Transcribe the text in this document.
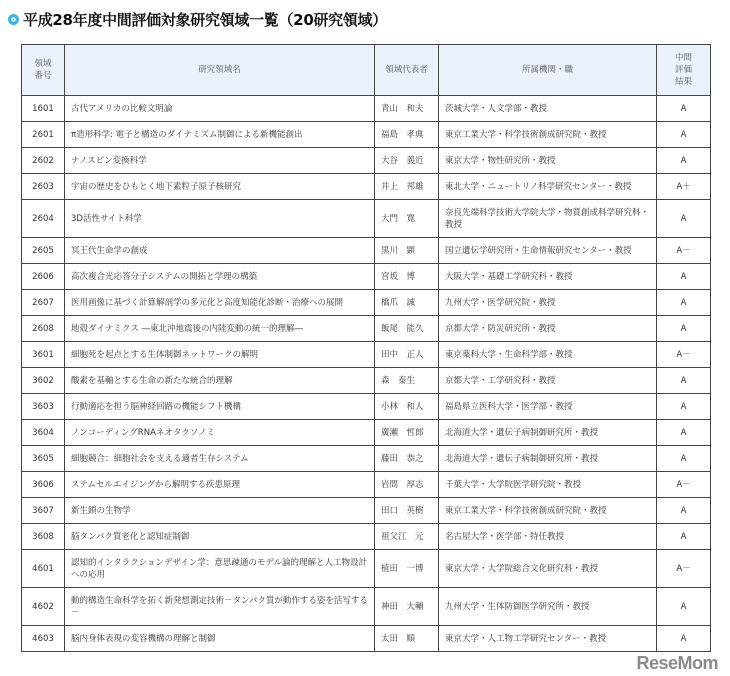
平成28年度中間評価対象研究領域一覧（20研究領域）
領域番号	研究領域名	領域代表者	所属機関・職	中間評価結果
1601	古代アメリカの比較文明論	青山　和夫	茨城大学・人文学部・教授	A
2601	π造形科学: 電子と構造のダイナミズム制御による新機能創出	福島　孝典	東京工業大学・科学技術創成研究院・教授	A
2602	ナノスピン変換科学	大谷　義近	東京大学・物性研究所・教授	A
2603	宇宙の歴史をひもとく地下素粒子原子核研究	井上　邦雄	東北大学・ニュートリノ科学研究センター・教授	A＋
2604	3D活性サイト科学	大門　寛	奈良先端科学技術大学院大学・物質創成科学研究科・教授	A
2605	冥王代生命学の創成	黒川　顕	国立遺伝学研究所・生命情報研究センター・教授	A－
2606	高次複合光応答分子システムの開拓と学理の構築	宮坂　博	大阪大学・基礎工学研究科・教授	A
2607	医用画像に基づく計算解剖学の多元化と高度知能化診断・治療への展開	橋爪　誠	九州大学・医学研究院・教授	A
2608	地殻ダイナミクス ―東北沖地震後の内陸変動の統一的理解―	飯尾　能久	京都大学・防災研究所・教授	A
3601	細胞死を起点とする生体制御ネットワークの解明	田中　正人	東京薬科大学・生命科学部・教授	A－
3602	酸素を基軸とする生命の新たな統合的理解	森　泰生	京都大学・工学研究科・教授	A
3603	行動適応を担う脳神経回路の機能シフト機構	小林　和人	福島県立医科大学・医学部・教授	A
3604	ノンコーディングRNAネオタクソノミ	廣瀬　哲郎	北海道大学・遺伝子病制御研究所・教授	A
3605	細胞競合：細胞社会を支える適者生存システム	藤田　恭之	北海道大学・遺伝子病制御研究所・教授	A
3606	ステムセルエイジングから解明する疾患原理	岩間　厚志	千葉大学・大学院医学研究院・教授	A－
3607	新生鎖の生物学	田口　英樹	東京工業大学・科学技術創成研究院・教授	A
3608	脳タンパク質老化と認知症制御	祖父江　元	名古屋大学・医学部・特任教授	A
4601	認知的インタラクションデザイン学：意思疎通のモデル論的理解と人工物設計への応用	植田　一博	東京大学・大学院総合文化研究科・教授	A－
4602	動的構造生命科学を拓く新発想測定技術－タンパク質が動作する姿を活写する－	神田　大輔	九州大学・生体防御医学研究所・教授	A
4603	脳内身体表現の変容機構の理解と制御	太田　順	東京大学・人工物工学研究センター・教授	A
ReseMom
